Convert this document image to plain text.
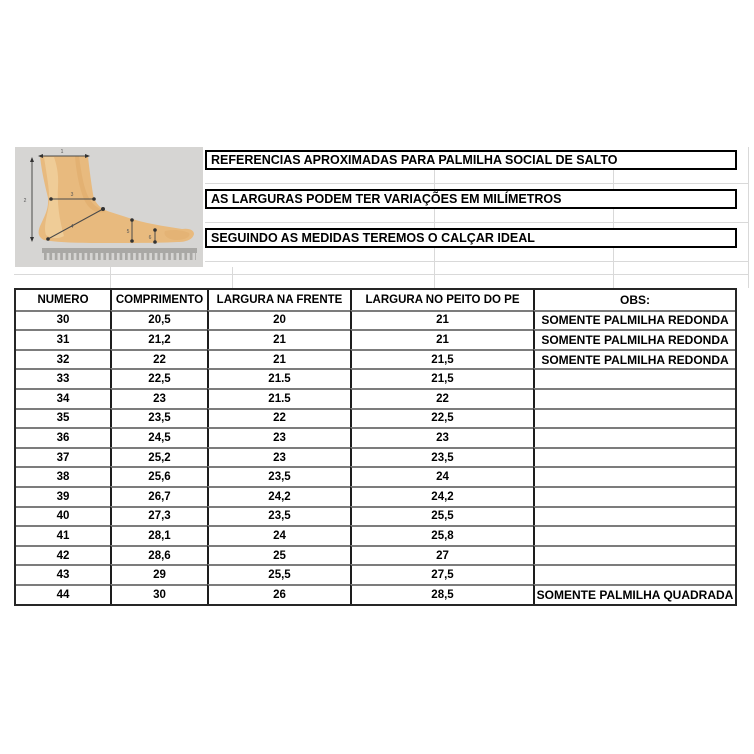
1
2
3
4
5
6
REFERENCIAS APROXIMADAS PARA PALMILHA SOCIAL DE SALTO
AS LARGURAS PODEM TER VARIAÇÕES EM MILÍMETROS
SEGUINDO AS MEDIDAS TEREMOS O CALÇAR IDEAL
NUMERO	COMPRIMENTO	LARGURA NA FRENTE	LARGURA NO PEITO DO PE	OBS:
30	20,5	20	21	SOMENTE PALMILHA REDONDA
31	21,2	21	21	SOMENTE PALMILHA REDONDA
32	22	21	21,5	SOMENTE PALMILHA REDONDA
33	22,5	21.5	21,5
34	23	21.5	22
35	23,5	22	22,5
36	24,5	23	23
37	25,2	23	23,5
38	25,6	23,5	24
39	26,7	24,2	24,2
40	27,3	23,5	25,5
41	28,1	24	25,8
42	28,6	25	27
43	29	25,5	27,5
44	30	26	28,5	SOMENTE PALMILHA QUADRADA
